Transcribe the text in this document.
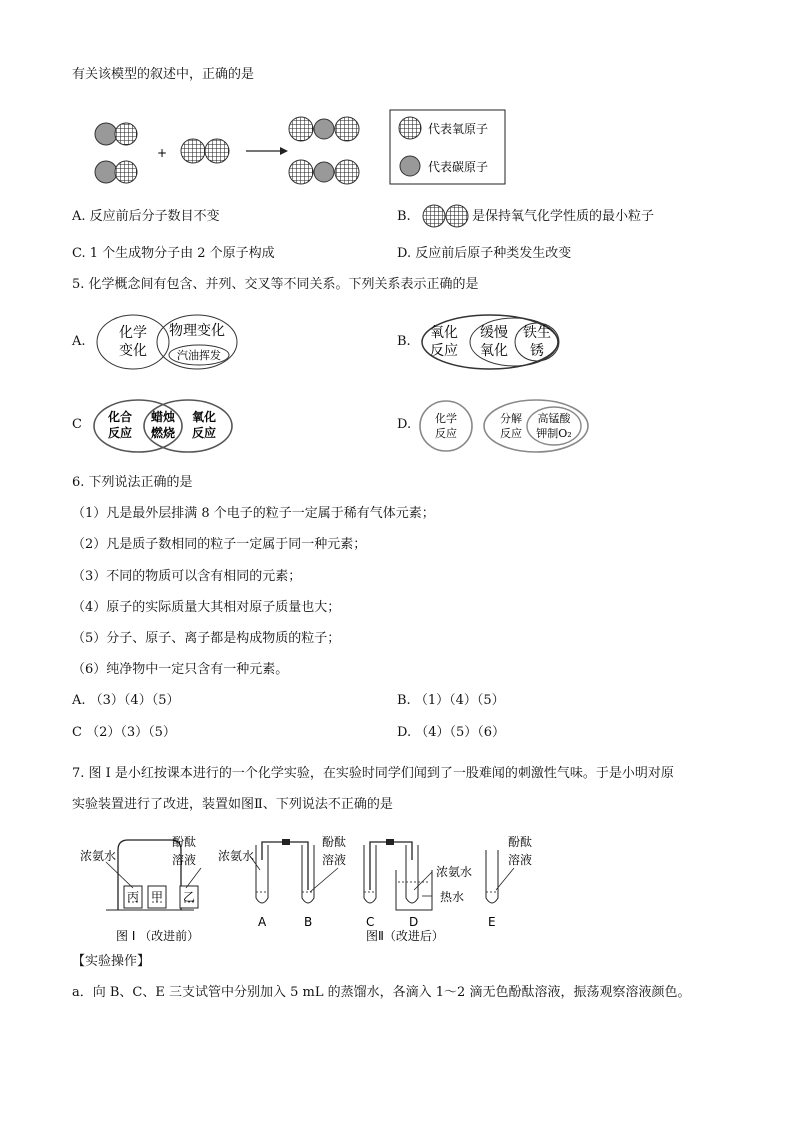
有关该模型的叙述中，正确的是
+
代表氧原子
代表碳原子
A. 反应前后分子数目不变	B.	是保持氧气化学性质的最小粒子
C. 1 个生成物分子由 2 个原子构成	D. 反应前后原子种类发生改变
5. 化学概念间有包含、并列、交叉等不同关系。下列关系表示正确的是
A.
化学
变化
物理变化
汽油挥发
B.
氧化
反应
缓慢
氧化
铁生
锈
C 化合
反应
蜡烛
燃烧
氧化
反应
D. 化学
反应
分解
反应
高锰酸
钾制O₂
6. 下列说法正确的是
（1）凡是最外层排满 8 个电子的粒子一定属于稀有气体元素；
（2）凡是质子数相同的粒子一定属于同一种元素；
（3）不同的物质可以含有相同的元素；
（4）原子的实际质量大其相对原子质量也大；
（5）分子、原子、离子都是构成物质的粒子；
（6）纯净物中一定只含有一种元素。
A. （3）（4）（5）	B. （1）（4）（5）
C （2）（3）（5）	D. （4）（5）（6）
7. 图 I 是小红按课本进行的一个化学实验，在实验时同学们闻到了一股难闻的刺激性气味。于是小明对原
实验装置进行了改进，装置如图Ⅱ、下列说法不正确的是
浓氨水
酚酞
溶液
丙 甲 乙
图 I （改进前）
浓氨水
酚酞
溶液
浓氨水
热水
酚酞
溶液
A	B	C	D	E
图Ⅱ（改进后）
【实验操作】
a．向 B、C、E 三支试管中分别加入 5 mL 的蒸馏水，各滴入 1～2 滴无色酚酞溶液，振荡观察溶液颜色。
